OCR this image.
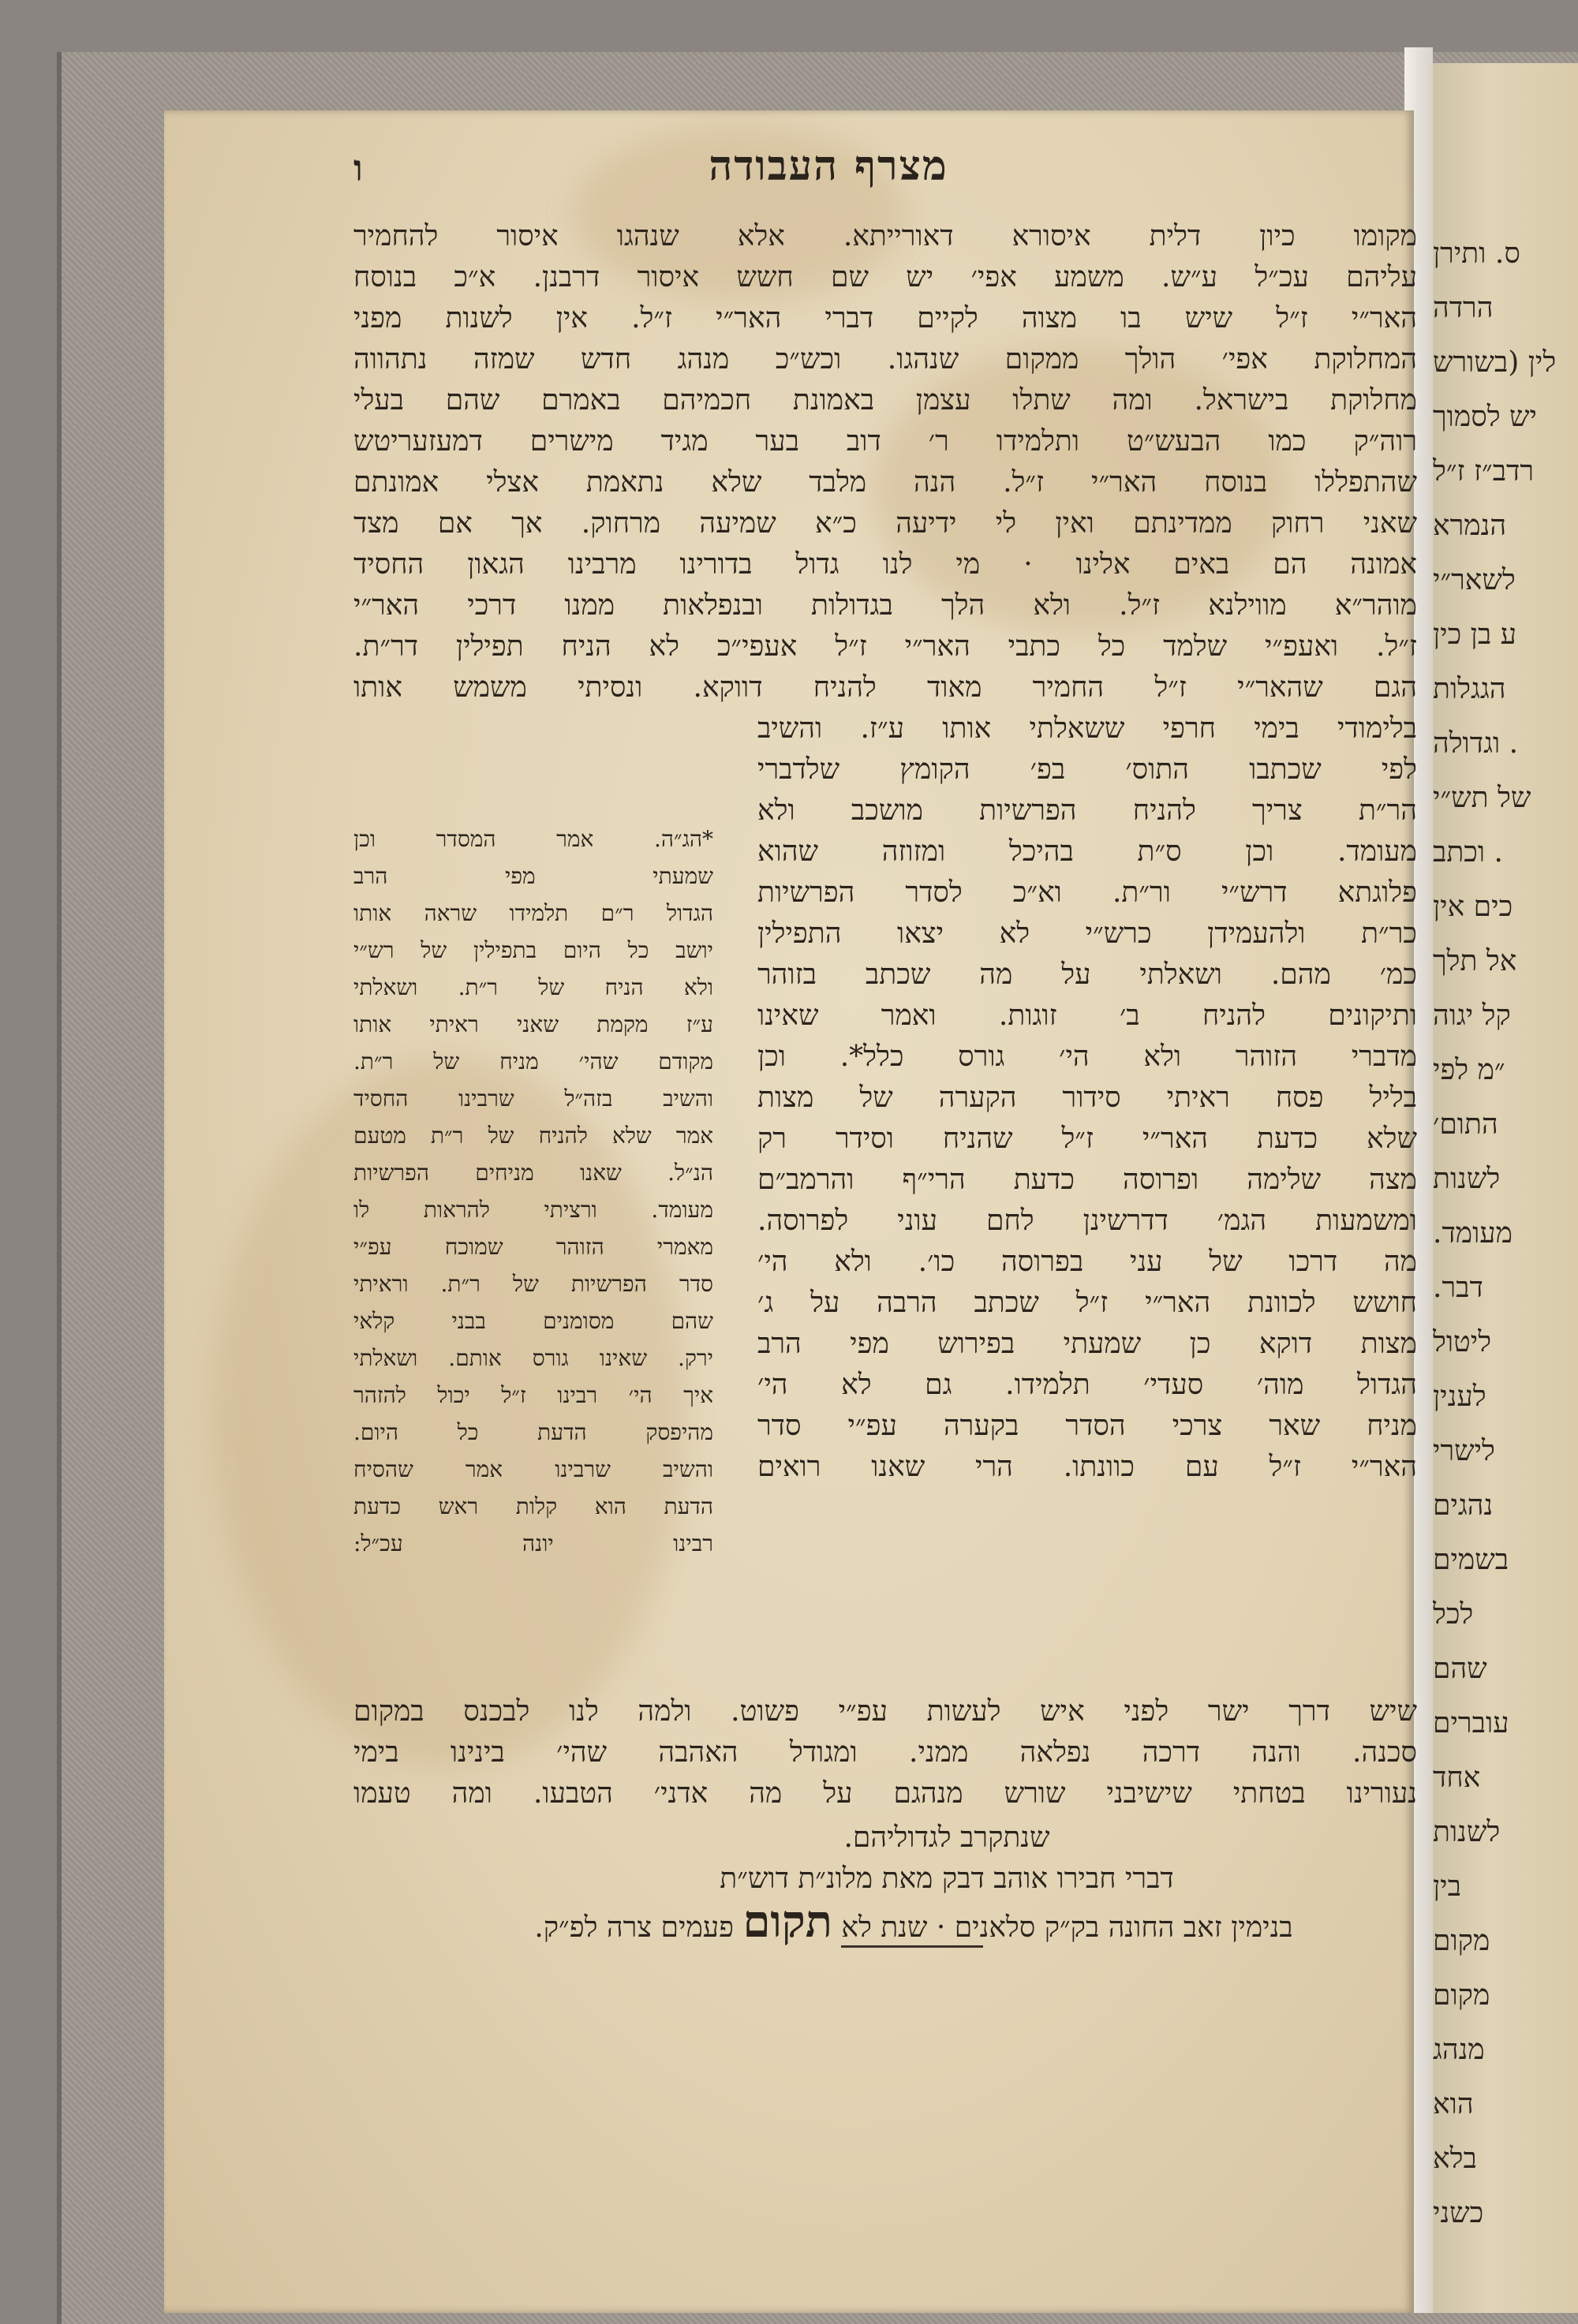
ס. ותירן
הרדה
לין (בשורש
יש לסמוך
רדב״ז ז״ל
הנמרא
לשאר״י
ע בן כין
הגגלות
. וגדולה
של תש״י
. וכתב
כים אין
אל תלך
קל יגוה
״מ לפי
התום׳
לשנות
מעומד.
דבר.
ליטול
לענין
לישרי
נהגים
בשמים
לכל
שהם
עוברים
אחד
לשנות
בין
מקום
מקום
מנהג
הוא
בלא
כשני
מצרף העבודה
ו
מקומו כיון דלית איסורא דאורייתא. אלא שנהגו איסור להחמיר
עליהם עכ״ל ע״ש. משמע אפי׳ יש שם חשש איסור דרבנן. א״כ בנוסח
האר״י ז״ל שיש בו מצוה לקיים דברי האר״י ז״ל. אין לשנות מפני
המחלוקת אפי׳ הולך ממקום שנהגו. וכש״כ מנהג חדש שמזה נתהווה
מחלוקת בישראל. ומה שתלו עצמן באמונת חכמיהם באמרם שהם בעלי
רוה״ק כמו הבעש״ט ותלמידו ר׳ דוב בער מגיד מישרים דמעזעריטש
שהתפללו בנוסח האר״י ז״ל. הנה מלבד שלא נתאמת אצלי אמונתם
שאני רחוק ממדינתם ואין לי ידיעה כ״א שמיעה מרחוק. אך אם מצד
אמונה הם באים אלינו · מי לנו גדול בדורינו מרבינו הגאון החסיד
מוהר״א מווילנא ז״ל. ולא הלך בגדולות ובנפלאות ממנו דרכי האר״י
ז״ל. ואעפ״י שלמד כל כתבי האר״י ז״ל אעפי״כ לא הניח תפילין דר״ת.
הגם שהאר״י ז״ל החמיר מאוד להניח דווקא. ונסיתי משמש אותו
בלימודי בימי חרפי ששאלתי אותו ע״ז. והשיב
לפי שכתבו התוס׳ בפ׳ הקומץ שלדברי
הר״ת צריך להניח הפרשיות מושכב ולא
מעומד. וכן ס״ת בהיכל ומזוזה שהוא
פלוגתא דרש״י ור״ת. וא״כ לסדר הפרשיות
כר״ת ולהעמידן כרש״י לא יצאו התפילין
כמ׳ מהם. ושאלתי על מה שכתב בזוהר
ותיקונים להניח ב׳ זוגות. ואמר שאינו
מדברי הזוהר ולא הי׳ גורס כלל*. וכן
בליל פסח ראיתי סידור הקערה של מצות
שלא כדעת האר״י ז״ל שהניח וסידר רק
מצה שלימה ופרוסה כדעת הרי״ף והרמב״ם
ומשמעות הגמ׳ דדרשינן לחם עוני לפרוסה.
מה דרכו של עני בפרוסה כו׳. ולא הי׳
חושש לכוונת האר״י ז״ל שכתב הרבה על ג׳
מצות דוקא כן שמעתי בפירוש מפי הרב
הגדול מוה׳ סעדי׳ תלמידו. גם לא הי׳
מניח שאר צרכי הסדר בקערה עפ״י סדר
האר״י ז״ל עם כוונתו. הרי שאנו רואים
*הג״ה. אמר המסדר וכן
שמעתי מפי הרב
הגדול ר״ם תלמידו שראה אותו
יושב כל היום בתפילין של רש״י
ולא הניח של ר״ת. ושאלתי
ע״ז מקמת שאני ראיתי אותו
מקודם שהי׳ מניח של ר״ת.
והשיב בזה״ל שרבינו החסיד
אמר שלא להניח של ר״ת מטעם
הנ״ל. שאנו מניחים הפרשיות
מעומד. ורציתי להראות לו
מאמרי הזוהר שמוכח עפ״י
סדר הפרשיות של ר״ת. וראיתי
שהם מסומנים בבני קלאי
ירק. שאינו גורס אותם. ושאלתי
איך הי׳ רבינו ז״ל יכול להזהר
מהיפסק הדעת כל היום.
והשיב שרבינו אמר שהסיח
הדעת הוא קלות ראש כדעת
רבינו יונה עכ״ל:
שיש דרך ישר לפני איש לעשות עפ״י פשוט. ולמה לנו לבכנס במקום
סכנה. והנה דרכה נפלאה ממני. ומגודל האהבה שהי׳ בינינו בימי
נעורינו בטחתי שישיבני שורש מנהגם על מה אדני׳ הטבעו. ומה טעמו
שנתקרב לגדוליהם.
דברי חבירו אוהב דבק מאת מלונ״ת דוש״ת
בנימין זאב החונה בק״ק סלאנים · שנת לא תקום פעמים צרה לפ״ק.
